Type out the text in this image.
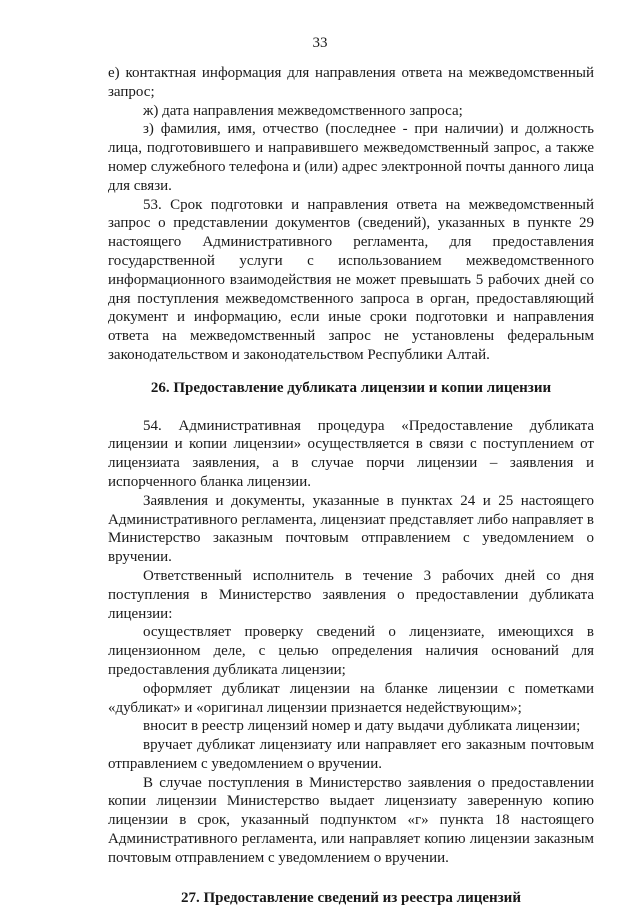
33

е) контактная информация для направления ответа на межведомственный запрос;

ж) дата направления межведомственного запроса;

з) фамилия, имя, отчество (последнее - при наличии) и должность лица, подготовившего и направившего межведомственный запрос, а также номер служебного телефона и (или) адрес электронной почты данного лица для связи.

53. Срок подготовки и направления ответа на межведомственный запрос о представлении документов (сведений), указанных в пункте 29 настоящего Административного регламента, для предоставления государственной услуги с использованием межведомственного информационного взаимодействия не может превышать 5 рабочих дней со дня поступления межведомственного запроса в орган, предоставляющий документ и информацию, если иные сроки подготовки и направления ответа на межведомственный запрос не установлены федеральным законодательством и законодательством Республики Алтай.

26. Предоставление дубликата лицензии и копии лицензии

54. Административная процедура «Предоставление дубликата лицензии и копии лицензии» осуществляется в связи с поступлением от лицензиата заявления, а в случае порчи лицензии – заявления и испорченного бланка лицензии.

Заявления и документы, указанные в пунктах 24 и 25 настоящего Административного регламента, лицензиат представляет либо направляет в Министерство заказным почтовым отправлением с уведомлением о вручении.

Ответственный исполнитель в течение 3 рабочих дней со дня поступления в Министерство заявления о предоставлении дубликата лицензии:

осуществляет проверку сведений о лицензиате, имеющихся в лицензионном деле, с целью определения наличия оснований для предоставления дубликата лицензии;

оформляет дубликат лицензии на бланке лицензии с пометками «дубликат» и «оригинал лицензии признается недействующим»;

вносит в реестр лицензий номер и дату выдачи дубликата лицензии;

вручает дубликат лицензиату или направляет его заказным почтовым отправлением с уведомлением о вручении.

В случае поступления в Министерство заявления о предоставлении копии лицензии Министерство выдает лицензиату заверенную копию лицензии в срок, указанный подпунктом «г» пункта 18 настоящего Административного регламента, или направляет копию лицензии заказным почтовым отправлением с уведомлением о вручении.

27. Предоставление сведений из реестра лицензий
